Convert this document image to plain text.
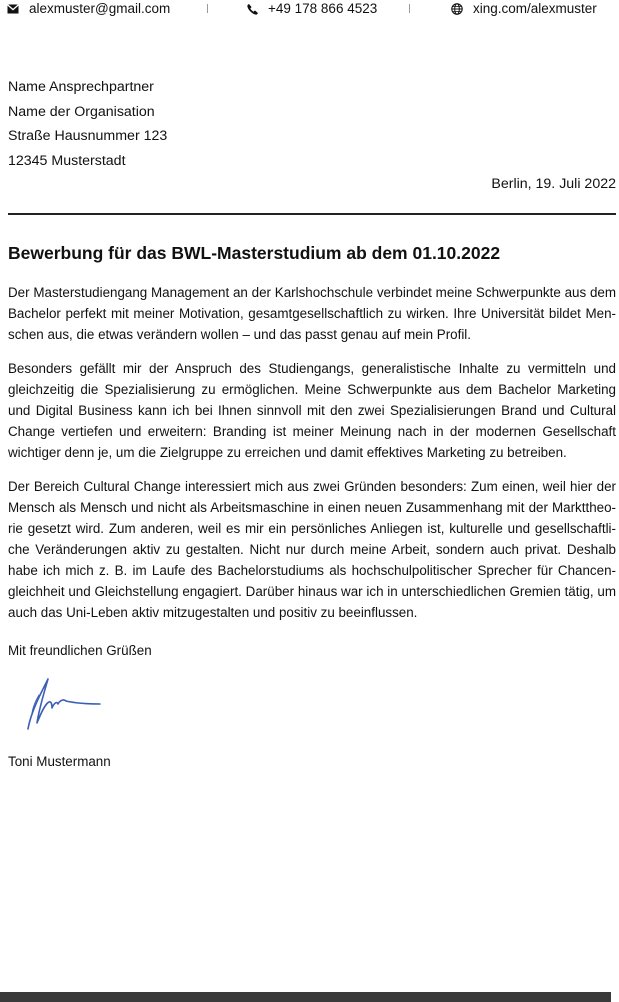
alexmuster@gmail.com	+49 178 866 4523	xing.com/alexmuster
Name Ansprechpartner
Name der Organisation
Straße Hausnummer 123
12345 Musterstadt
Berlin, 19. Juli 2022
Bewerbung für das BWL-Masterstudium ab dem 01.10.2022

Der Masterstudiengang Management an der Karlshochschule verbindet meine Schwerpunkte aus dem Bachelor perfekt mit meiner Motivation, gesamtgesellschaftlich zu wirken. Ihre Universität bildet Menschen aus, die etwas verändern wollen – und das passt genau auf mein Profil.

Besonders gefällt mir der Anspruch des Studiengangs, generalistische Inhalte zu vermitteln und gleichzeitig die Spezialisierung zu ermöglichen. Meine Schwerpunkte aus dem Bachelor Marketing und Digital Business kann ich bei Ihnen sinnvoll mit den zwei Spezialisierungen Brand und Cultural Change vertiefen und erweitern: Branding ist meiner Meinung nach in der modernen Gesellschaft wichtiger denn je, um die Zielgruppe zu erreichen und damit effektives Marketing zu betreiben.

Der Bereich Cultural Change interessiert mich aus zwei Gründen besonders: Zum einen, weil hier der Mensch als Mensch und nicht als Arbeitsmaschine in einen neuen Zusammenhang mit der Markttheorie gesetzt wird. Zum anderen, weil es mir ein persönliches Anliegen ist, kulturelle und gesellschaftliche Veränderungen aktiv zu gestalten. Nicht nur durch meine Arbeit, sondern auch privat. Deshalb habe ich mich z. B. im Laufe des Bachelorstudiums als hochschulpolitischer Sprecher für Chancengleichheit und Gleichstellung engagiert. Darüber hinaus war ich in unterschiedlichen Gremien tätig, um auch das Uni-Leben aktiv mitzugestalten und positiv zu beeinflussen.

Mit freundlichen Grüßen
Toni Mustermann
